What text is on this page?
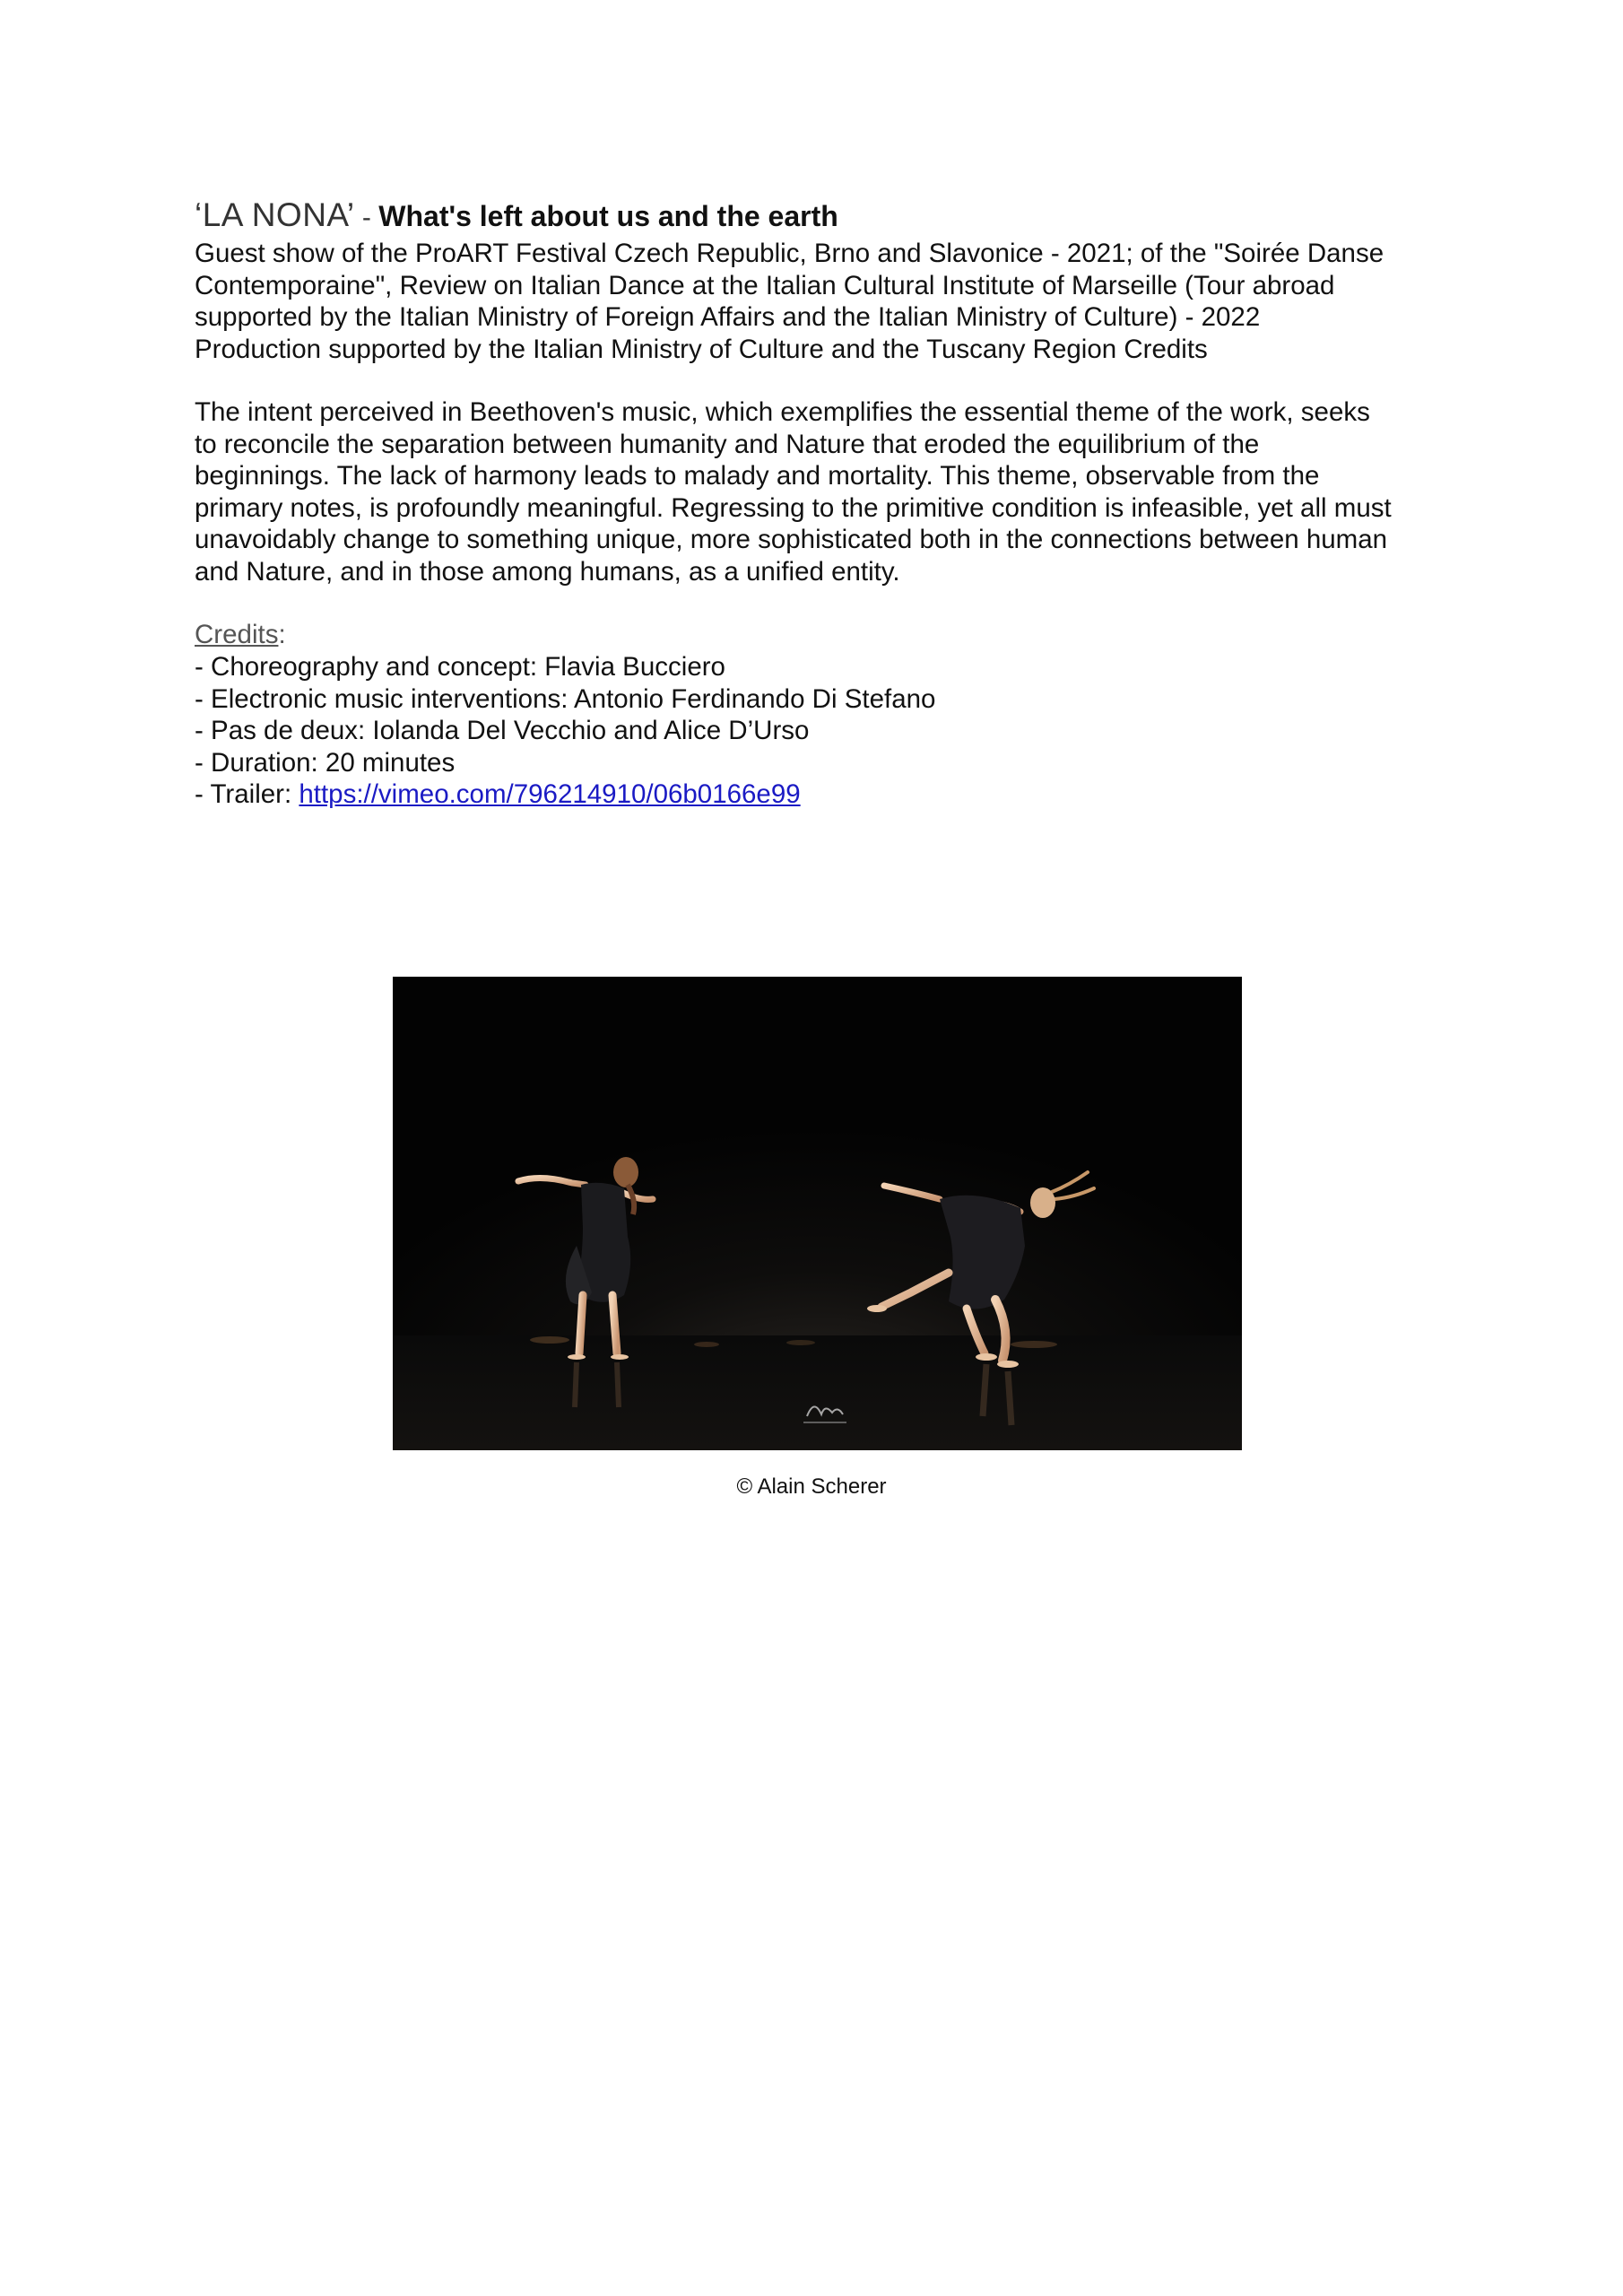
‘LA NONA’ - What's left about us and the earth

Guest show of the ProART Festival Czech Republic, Brno and Slavonice - 2021; of the "Soirée Danse

Contemporaine", Review on Italian Dance at the Italian Cultural Institute of Marseille (Tour abroad

supported by the Italian Ministry of Foreign Affairs and the Italian Ministry of Culture) - 2022

Production supported by the Italian Ministry of Culture and the Tuscany Region Credits

The intent perceived in Beethoven's music, which exemplifies the essential theme of the work, seeks

to reconcile the separation between humanity and Nature that eroded the equilibrium of the

beginnings. The lack of harmony leads to malady and mortality. This theme, observable from the

primary notes, is profoundly meaningful. Regressing to the primitive condition is infeasible, yet all must

unavoidably change to something unique, more sophisticated both in the connections between human

and Nature, and in those among humans, as a unified entity.

Credits:

- Choreography and concept: Flavia Bucciero
- Electronic music interventions: Antonio Ferdinando Di Stefano
- Pas de deux: Iolanda Del Vecchio and Alice D’Urso
- Duration: 20 minutes
- Trailer: https://vimeo.com/796214910/06b0166e99
© Alain Scherer
